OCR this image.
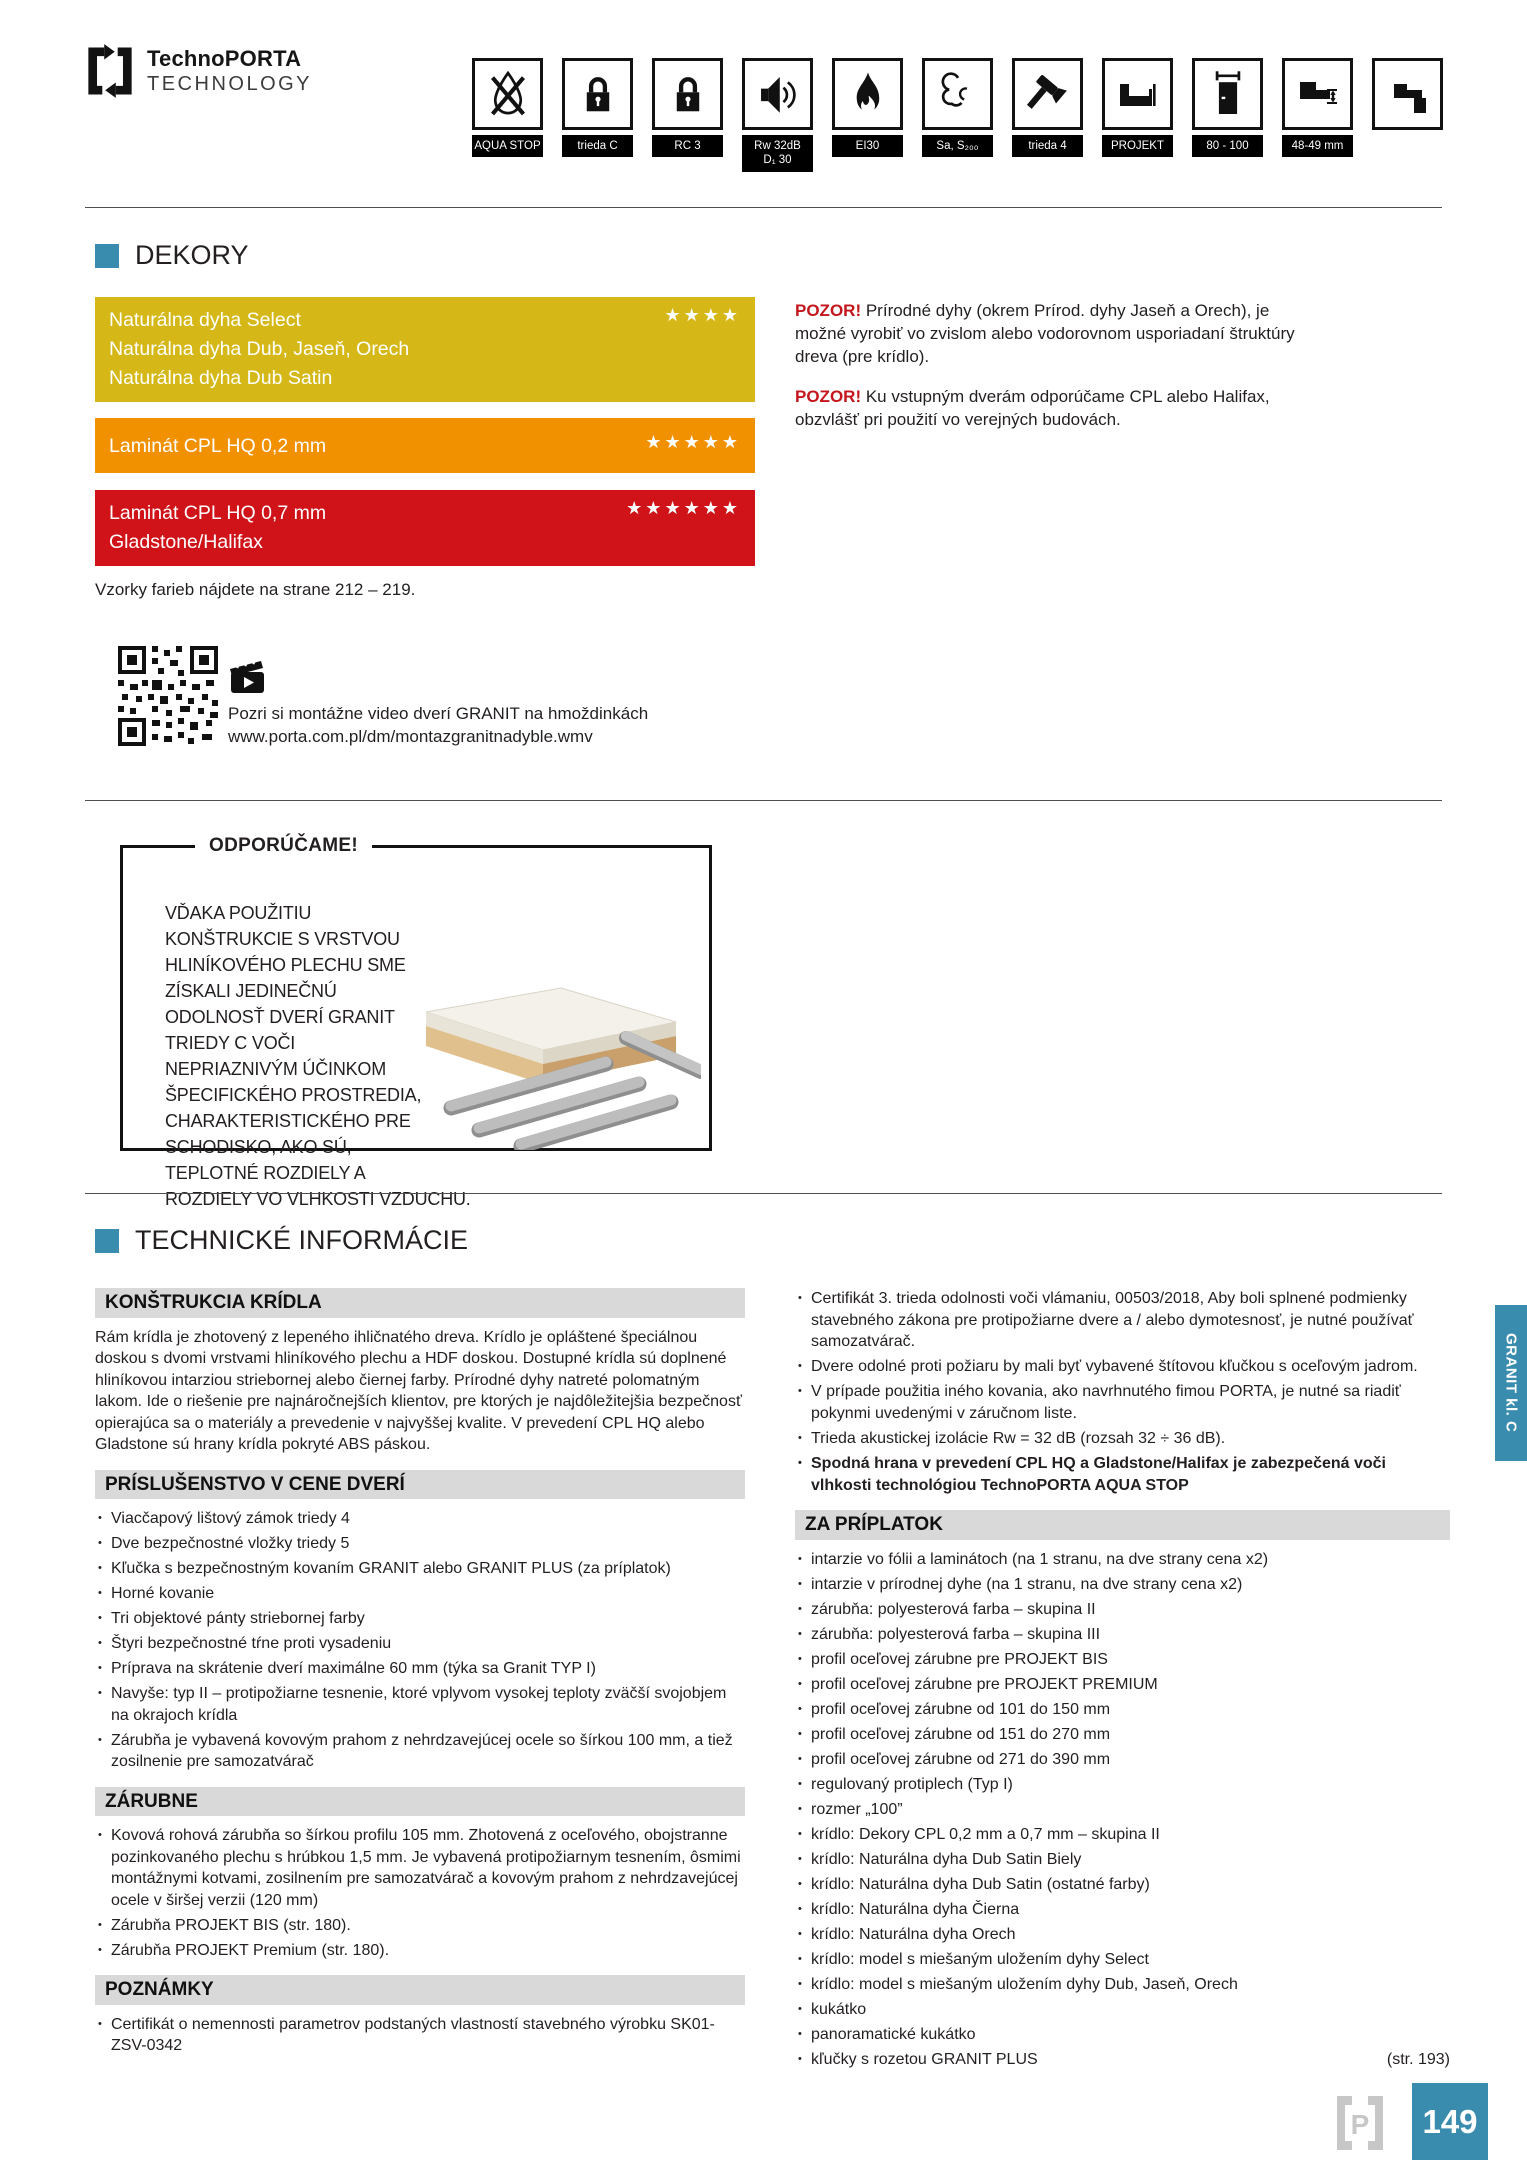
TechnoPORTA
TECHNOLOGY
AQUA STOP	trieda C	RC 3	Rw 32dB
D₁ 30
EI30	Sa, S₂₀₀	trieda 4	PROJEKT	80 - 100	48-49 mm
DEKORY
Naturálna dyha Select
Naturálna dyha Dub, Jaseň, Orech
Naturálna dyha Dub Satin
★★★★
Laminát CPL HQ 0,2 mm	★★★★★
Laminát CPL HQ 0,7 mm
Gladstone/Halifax
★★★★★★

POZOR! Prírodné dyhy (okrem Prírod. dyhy Jaseň a Orech), je možné vyrobiť vo zvislom alebo vodorovnom usporiadaní štruktúry dreva (pre krídlo).

POZOR! Ku vstupným dverám odporúčame CPL alebo Halifax, obzvlášť pri použití vo verejných budovách.

Vzorky farieb nájdete na strane 212 – 219.
Pozri si montážne video dverí GRANIT na hmoždinkách
www.porta.com.pl/dm/montazgranitnadyble.wmv
ODPORÚČAME!
VĎAKA POUŽITIU KONŠTRUKCIE S VRSTVOU HLINÍKOVÉHO PLECHU SME ZÍSKALI JEDINEČNÚ ODOLNOSŤ DVERÍ GRANIT TRIEDY C VOČI NEPRIAZNIVÝM ÚČINKOM ŠPECIFICKÉHO PROSTREDIA, CHARAKTERISTICKÉHO PRE SCHODISKO, AKO SÚ, TEPLOTNÉ ROZDIELY A ROZDIELY VO VLHKOSTI VZDUCHU.
TECHNICKÉ INFORMÁCIE
KONŠTRUKCIA KRÍDLA

Rám krídla je zhotovený z lepeného ihličnatého dreva. Krídlo je opláštené špeciálnou doskou s dvomi vrstvami hliníkového plechu a HDF doskou. Dostupné krídla sú doplnené hliníkovou intarziou striebornej alebo čiernej farby. Prírodné dyhy natreté polomatným lakom. Ide o riešenie pre najnáročnejších klientov, pre ktorých je najdôležitejšia bezpečnosť opierajúca sa o materiály a prevedenie v najvyššej kvalite. V prevedení CPL HQ alebo Gladstone sú hrany krídla pokryté ABS páskou.

PRÍSLUŠENSTVO V CENE DVERÍ
• Viacčapový lištový zámok triedy 4
• Dve bezpečnostné vložky triedy 5
• Kľučka s bezpečnostným kovaním GRANIT alebo GRANIT PLUS (za príplatok)
• Horné kovanie
• Tri objektové pánty striebornej farby
• Štyri bezpečnostné tŕne proti vysadeniu
• Príprava na skrátenie dverí maximálne 60 mm (týka sa Granit TYP I)
• Navyše: typ II – protipožiarne tesnenie, ktoré vplyvom vysokej teploty zväčší svojobjem na okrajoch krídla
• Zárubňa je vybavená kovovým prahom z nehrdzavejúcej ocele so šírkou 100 mm, a tiež zosilnenie pre samozatvárač
ZÁRUBNE
• Kovová rohová zárubňa so šírkou profilu 105 mm. Zhotovená z oceľového, obojstranne pozinkovaného plechu s hrúbkou 1,5 mm. Je vybavená protipožiarnym tesnením, ôsmimi montážnymi kotvami, zosilnením pre samozatvárač a kovovým prahom z nehrdzavejúcej ocele v širšej verzii (120 mm)
• Zárubňa PROJEKT BIS (str. 180).
• Zárubňa PROJEKT Premium (str. 180).
POZNÁMKY
• Certifikát o nemennosti parametrov podstaných vlastností stavebného výrobku SK01-ZSV-0342
• Certifikát 3. trieda odolnosti voči vlámaniu, 00503/2018, Aby boli splnené podmienky stavebného zákona pre protipožiarne dvere a / alebo dymotesnosť, je nutné používať samozatvárač.
• Dvere odolné proti požiaru by mali byť vybavené štítovou kľučkou s oceľovým jadrom.
• V prípade použitia iného kovania, ako navrhnutého fimou PORTA, je nutné sa riadiť pokynmi uvedenými v záručnom liste.
• Trieda akustickej izolácie Rw = 32 dB (rozsah 32 ÷ 36 dB).
• Spodná hrana v prevedení CPL HQ a Gladstone/Halifax je zabezpečená voči vlhkosti technológiou TechnoPORTA AQUA STOP
ZA PRÍPLATOK
• intarzie vo fólii a laminátoch (na 1 stranu, na dve strany cena x2)
• intarzie v prírodnej dyhe (na 1 stranu, na dve strany cena x2)
• zárubňa: polyesterová farba – skupina II
• zárubňa: polyesterová farba – skupina III
• profil oceľovej zárubne pre PROJEKT BIS
• profil oceľovej zárubne pre PROJEKT PREMIUM
• profil oceľovej zárubne od 101 do 150 mm
• profil oceľovej zárubne od 151 do 270 mm
• profil oceľovej zárubne od 271 do 390 mm
• regulovaný protiplech (Typ I)
• rozmer „100”
• krídlo: Dekory CPL 0,2 mm a 0,7 mm – skupina II
• krídlo: Naturálna dyha Dub Satin Biely
• krídlo: Naturálna dyha Dub Satin (ostatné farby)
• krídlo: Naturálna dyha Čierna
• krídlo: Naturálna dyha Orech
• krídlo: model s miešaným uložením dyhy Select
• krídlo: model s miešaným uložením dyhy Dub, Jaseň, Orech
• kukátko
• panoramatické kukátko
• kľučky s rozetou GRANIT PLUS	(str. 193)
GRANIT kl. C
P	149
